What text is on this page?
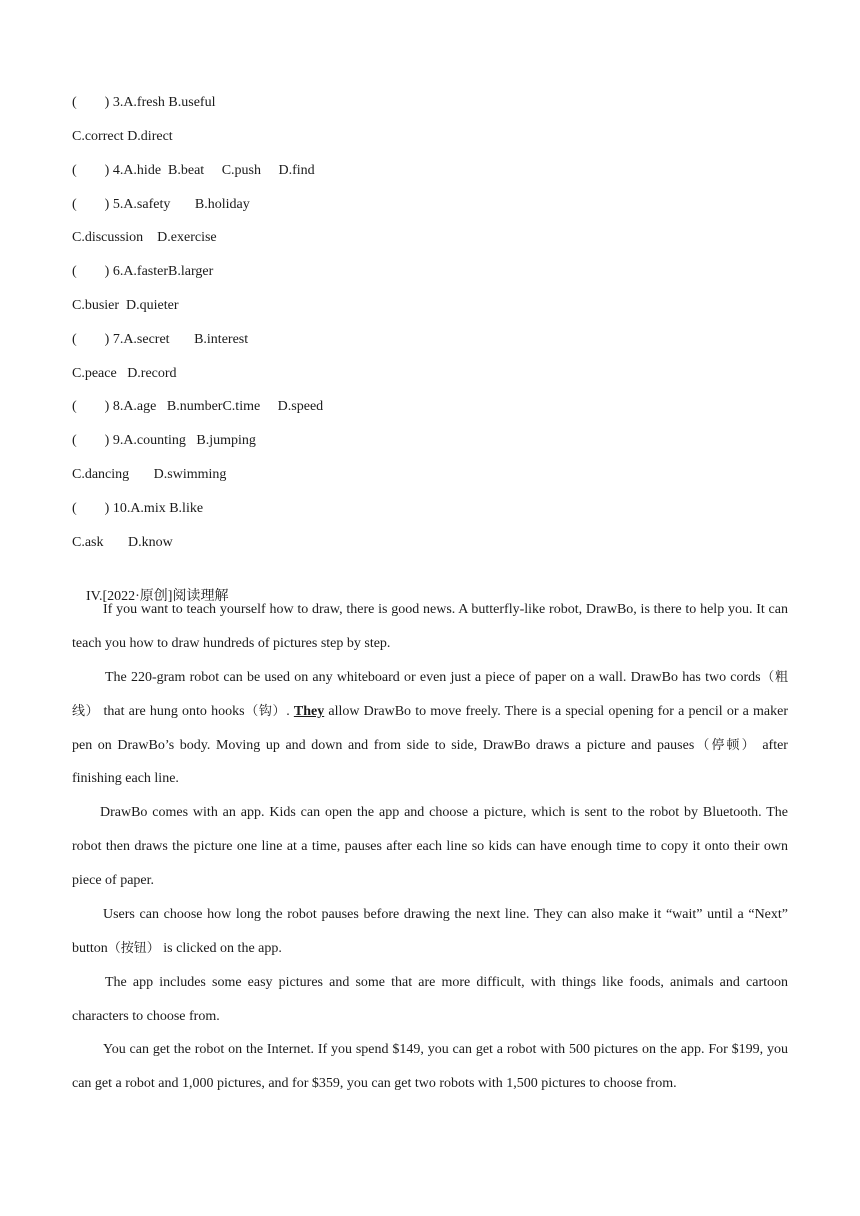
(        ) 3.A.fresh B.useful
C.correct D.direct
(        ) 4.A.hide  B.beat     C.push     D.find
(        ) 5.A.safety       B.holiday
C.discussion    D.exercise
(        ) 6.A.fasterB.larger
C.busier  D.quieter
(        ) 7.A.secret       B.interest
C.peace   D.record
(        ) 8.A.age   B.numberC.time     D.speed
(        ) 9.A.counting   B.jumping
C.dancing       D.swimming
(        ) 10.A.mix B.like
C.ask       D.know

IV.[2022·原创]阅读理解

If you want to teach yourself how to draw, there is good news. A butterfly-like robot, DrawBo, is there to help you. It can teach you how to draw hundreds of pictures step by step.
The 220-gram robot can be used on any whiteboard or even just a piece of paper on a wall. DrawBo has two cords（粗线） that are hung onto hooks（钩）. They allow DrawBo to move freely. There is a special opening for a pencil or a maker pen on DrawBo’s body. Moving up and down and from side to side, DrawBo draws a picture and pauses（停顿） after finishing each line.
DrawBo comes with an app. Kids can open the app and choose a picture, which is sent to the robot by Bluetooth. The robot then draws the picture one line at a time, pauses after each line so kids can have enough time to copy it onto their own piece of paper.
Users can choose how long the robot pauses before drawing the next line. They can also make it “wait” until a “Next” button（按钮） is clicked on the app.
The app includes some easy pictures and some that are more difficult, with things like foods, animals and cartoon characters to choose from.
You can get the robot on the Internet. If you spend $149, you can get a robot with 500 pictures on the app. For $199, you can get a robot and 1,000 pictures, and for $359, you can get two robots with 1,500 pictures to choose from.
